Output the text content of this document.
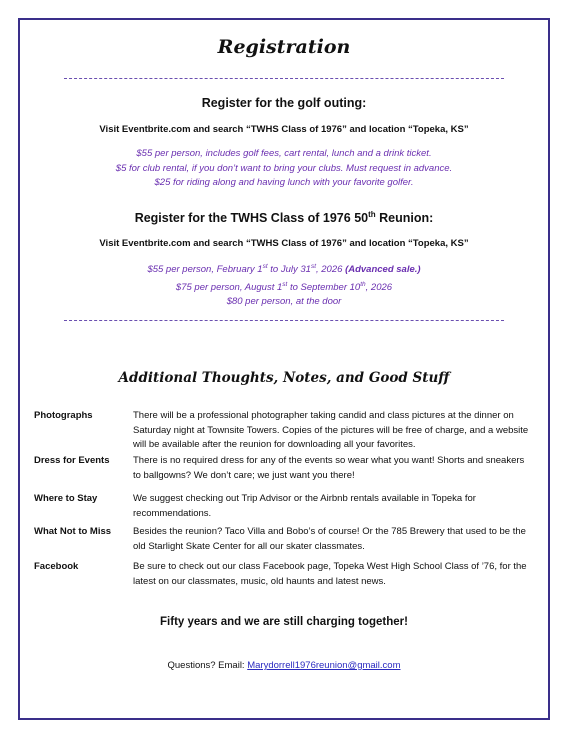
Registration
Register for the golf outing:
Visit Eventbrite.com and search “TWHS Class of 1976” and location “Topeka, KS”
$55 per person, includes golf fees, cart rental, lunch and a drink ticket.
$5 for club rental, if you don’t want to bring your clubs. Must request in advance.
$25 for riding along and having lunch with your favorite golfer.
Register for the TWHS Class of 1976 50th Reunion:
Visit Eventbrite.com and search “TWHS Class of 1976” and location “Topeka, KS”
$55 per person, February 1st to July 31st, 2026 (Advanced sale.)
$75 per person, August 1st to September 10th, 2026
$80 per person, at the door
Additional Thoughts, Notes, and Good Stuff
Photographs	There will be a professional photographer taking candid and class pictures at the dinner on Saturday night at Townsite Towers. Copies of the pictures will be free of charge, and a website will be available after the reunion for downloading all your favorites.
Dress for Events	There is no required dress for any of the events so wear what you want! Shorts and sneakers to ballgowns? We don’t care; we just want you there!
Where to Stay	We suggest checking out Trip Advisor or the Airbnb rentals available in Topeka for recommendations.
What Not to Miss	Besides the reunion? Taco Villa and Bobo’s of course! Or the 785 Brewery that used to be the old Starlight Skate Center for all our skater classmates.
Facebook	Be sure to check out our class Facebook page, Topeka West High School Class of ’76, for the latest on our classmates, music, old haunts and latest news.
Fifty years and we are still charging together!
Questions? Email: Marydorrell1976reunion@gmail.com
